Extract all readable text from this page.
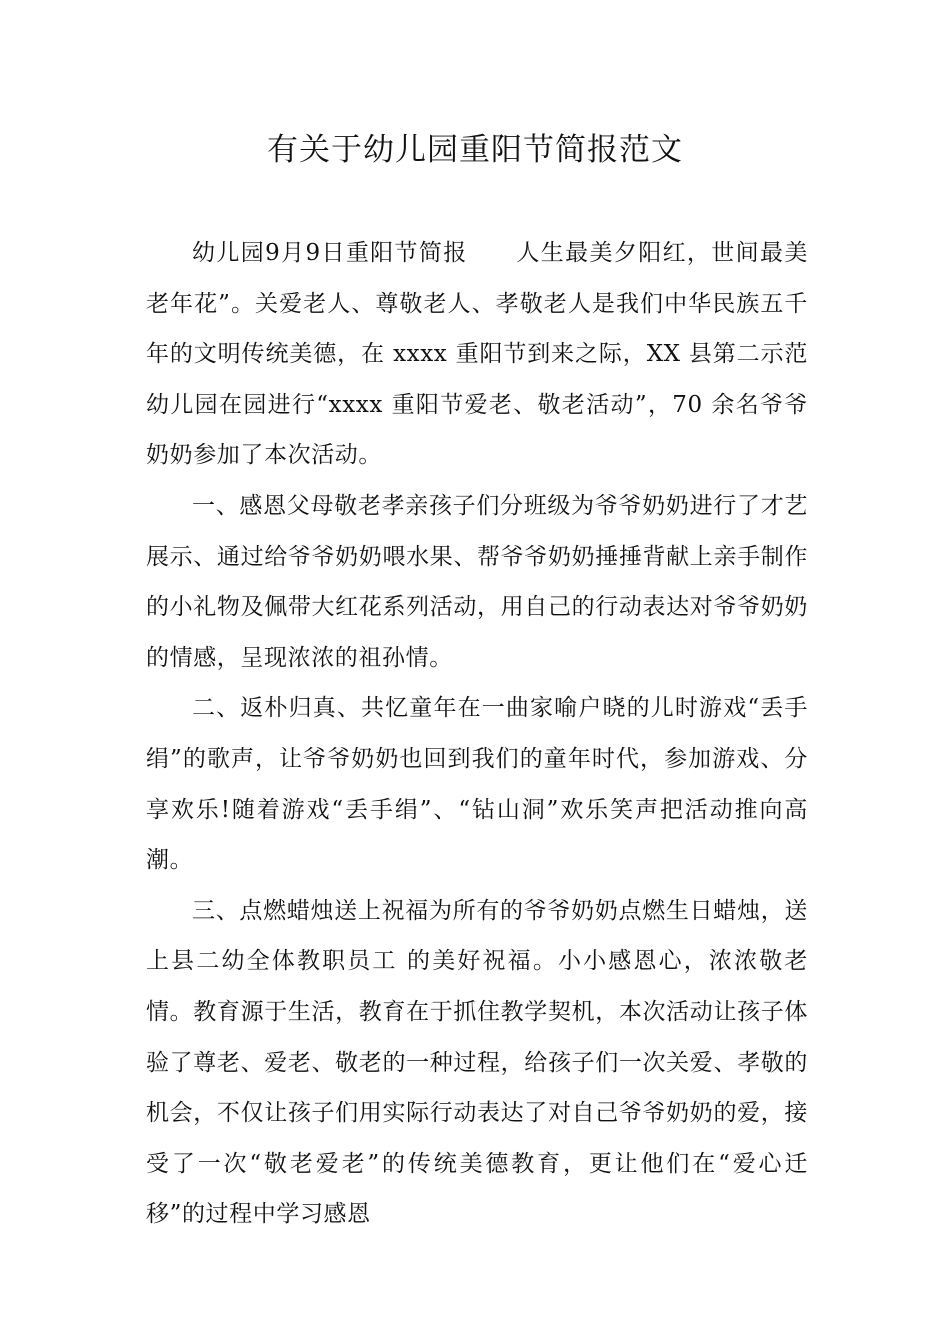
有关于幼儿园重阳节简报范文

幼儿园9月9日重阳节简报　　人生最美夕阳红，世间最美老年花”。关爱老人、尊敬老人、孝敬老人是我们中华民族五千年的文明传统美德，在 xxxx 重阳节到来之际，XX 县第二示范幼儿园在园进行“xxxx 重阳节爱老、敬老活动”，70 余名爷爷奶奶参加了本次活动。

一、感恩父母敬老孝亲孩子们分班级为爷爷奶奶进行了才艺展示、通过给爷爷奶奶喂水果、帮爷爷奶奶捶捶背献上亲手制作的小礼物及佩带大红花系列活动，用自己的行动表达对爷爷奶奶的情感，呈现浓浓的祖孙情。

二、返朴归真、共忆童年在一曲家喻户晓的儿时游戏“丢手绢”的歌声，让爷爷奶奶也回到我们的童年时代，参加游戏、分享欢乐!随着游戏“丢手绢”、“钻山洞”欢乐笑声把活动推向高潮。

三、点燃蜡烛送上祝福为所有的爷爷奶奶点燃生日蜡烛，送上县二幼全体教职员工 的美好祝福。小小感恩心，浓浓敬老情。教育源于生活，教育在于抓住教学契机，本次活动让孩子体验了尊老、爱老、敬老的一种过程，给孩子们一次关爱、孝敬的机会，不仅让孩子们用实际行动表达了对自己爷爷奶奶的爱，接受了一次“敬老爱老”的传统美德教育，更让他们在“爱心迁移”的过程中学习感恩
